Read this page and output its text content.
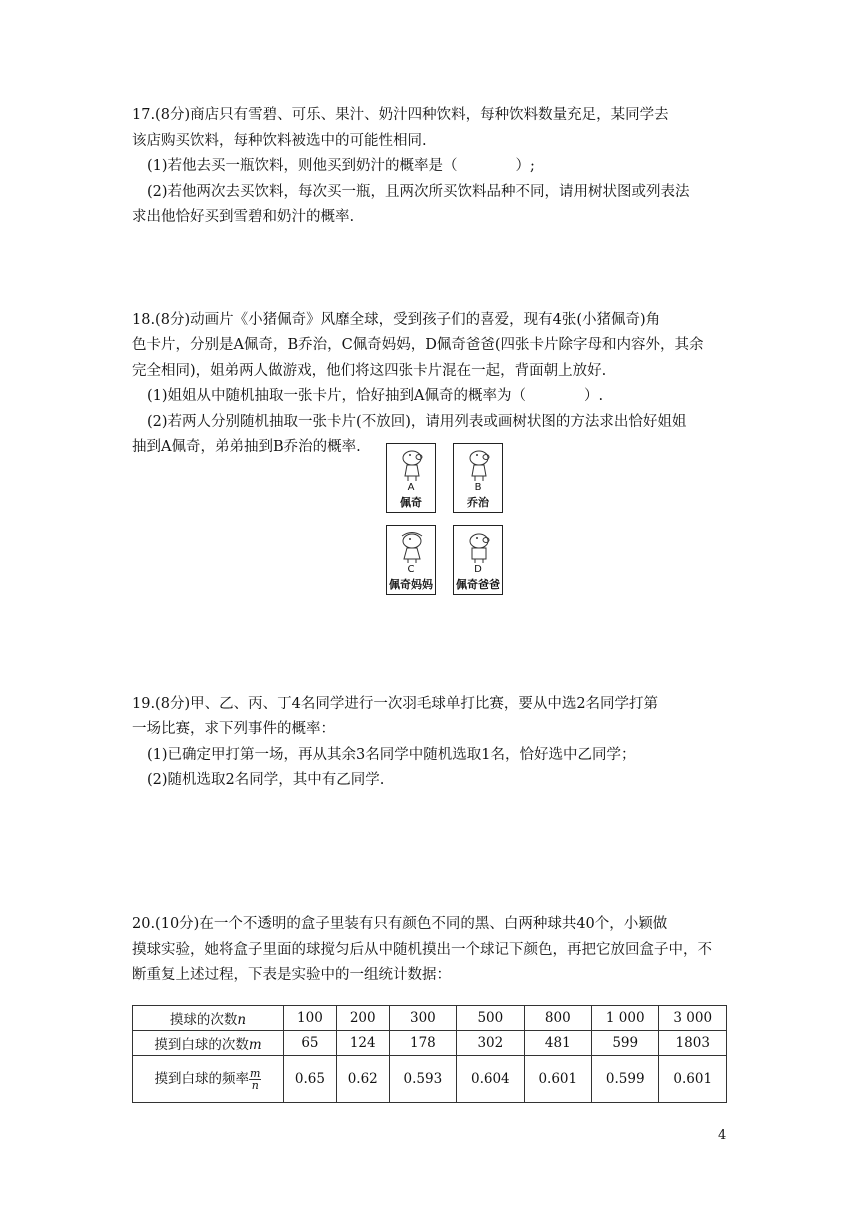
17.(8分)商店只有雪碧、可乐、果汁、奶汁四种饮料，每种饮料数量充足，某同学去
该店购买饮料，每种饮料被选中的可能性相同.
(1)若他去买一瓶饮料，则他买到奶汁的概率是（　　　　）;
(2)若他两次去买饮料，每次买一瓶，且两次所买饮料品种不同，请用树状图或列表法
求出他恰好买到雪碧和奶汁的概率.
18.(8分)动画片《小猪佩奇》风靡全球，受到孩子们的喜爱，现有4张(小猪佩奇)角
色卡片，分别是A佩奇，B乔治，C佩奇妈妈，D佩奇爸爸(四张卡片除字母和内容外，其余
完全相同)，姐弟两人做游戏，他们将这四张卡片混在一起，背面朝上放好.
(1)姐姐从中随机抽取一张卡片，恰好抽到A佩奇的概率为（　　　　）.
(2)若两人分别随机抽取一张卡片(不放回)，请用列表或画树状图的方法求出恰好姐姐
抽到A佩奇，弟弟抽到B乔治的概率.
A
佩奇
B
乔治
C
佩奇妈妈
D
佩奇爸爸
19.(8分)甲、乙、丙、丁4名同学进行一次羽毛球单打比赛，要从中选2名同学打第
一场比赛，求下列事件的概率：
(1)已确定甲打第一场，再从其余3名同学中随机选取1名，恰好选中乙同学；
(2)随机选取2名同学，其中有乙同学.
20.(10分)在一个不透明的盒子里装有只有颜色不同的黑、白两种球共40个，小颖做
摸球实验，她将盒子里面的球搅匀后从中随机摸出一个球记下颜色，再把它放回盒子中，不
断重复上述过程，下表是实验中的一组统计数据：
摸球的次数n	100	200	300	500	800	1 000	3 000
摸到白球的次数m	65	124	178	302	481	599	1803
摸到白球的频率 $\frac{m}{n}$	0.65	0.62	0.593	0.604	0.601	0.599	0.601
4
